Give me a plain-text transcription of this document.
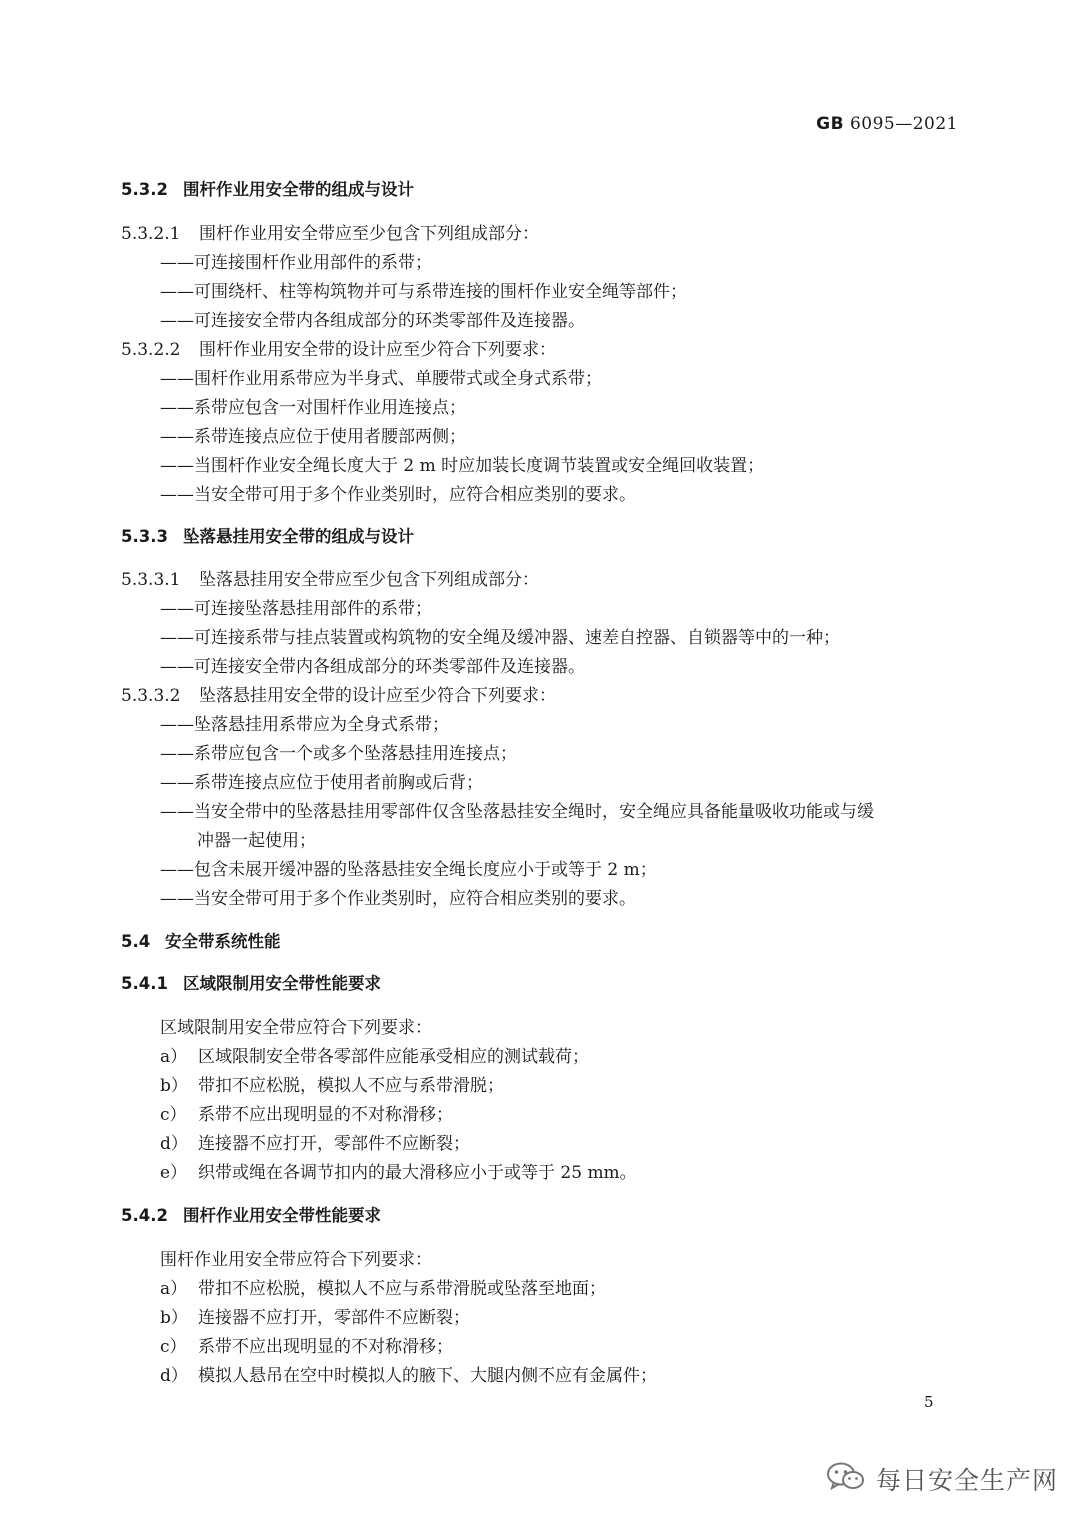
GB 6095—2021
5.3.2 围杆作业用安全带的组成与设计
5.3.2.1 围杆作业用安全带应至少包含下列组成部分：
——可连接围杆作业用部件的系带；
——可围绕杆、柱等构筑物并可与系带连接的围杆作业安全绳等部件；
——可连接安全带内各组成部分的环类零部件及连接器。
5.3.2.2 围杆作业用安全带的设计应至少符合下列要求：
——围杆作业用系带应为半身式、单腰带式或全身式系带；
——系带应包含一对围杆作业用连接点；
——系带连接点应位于使用者腰部两侧；
——当围杆作业安全绳长度大于 2 m 时应加装长度调节装置或安全绳回收装置；
——当安全带可用于多个作业类别时，应符合相应类别的要求。
5.3.3 坠落悬挂用安全带的组成与设计
5.3.3.1 坠落悬挂用安全带应至少包含下列组成部分：
——可连接坠落悬挂用部件的系带；
——可连接系带与挂点装置或构筑物的安全绳及缓冲器、速差自控器、自锁器等中的一种；
——可连接安全带内各组成部分的环类零部件及连接器。
5.3.3.2 坠落悬挂用安全带的设计应至少符合下列要求：
——坠落悬挂用系带应为全身式系带；
——系带应包含一个或多个坠落悬挂用连接点；
——系带连接点应位于使用者前胸或后背；
——当安全带中的坠落悬挂用零部件仅含坠落悬挂安全绳时，安全绳应具备能量吸收功能或与缓
冲器一起使用；
——包含未展开缓冲器的坠落悬挂安全绳长度应小于或等于 2 m；
——当安全带可用于多个作业类别时，应符合相应类别的要求。
5.4 安全带系统性能
5.4.1 区域限制用安全带性能要求
区域限制用安全带应符合下列要求：
a） 区域限制安全带各零部件应能承受相应的测试载荷；
b） 带扣不应松脱，模拟人不应与系带滑脱；
c） 系带不应出现明显的不对称滑移；
d） 连接器不应打开，零部件不应断裂；
e） 织带或绳在各调节扣内的最大滑移应小于或等于 25 mm。
5.4.2 围杆作业用安全带性能要求
围杆作业用安全带应符合下列要求：
a） 带扣不应松脱，模拟人不应与系带滑脱或坠落至地面；
b） 连接器不应打开，零部件不应断裂；
c） 系带不应出现明显的不对称滑移；
d） 模拟人悬吊在空中时模拟人的腋下、大腿内侧不应有金属件；
5
每日安全生产网
